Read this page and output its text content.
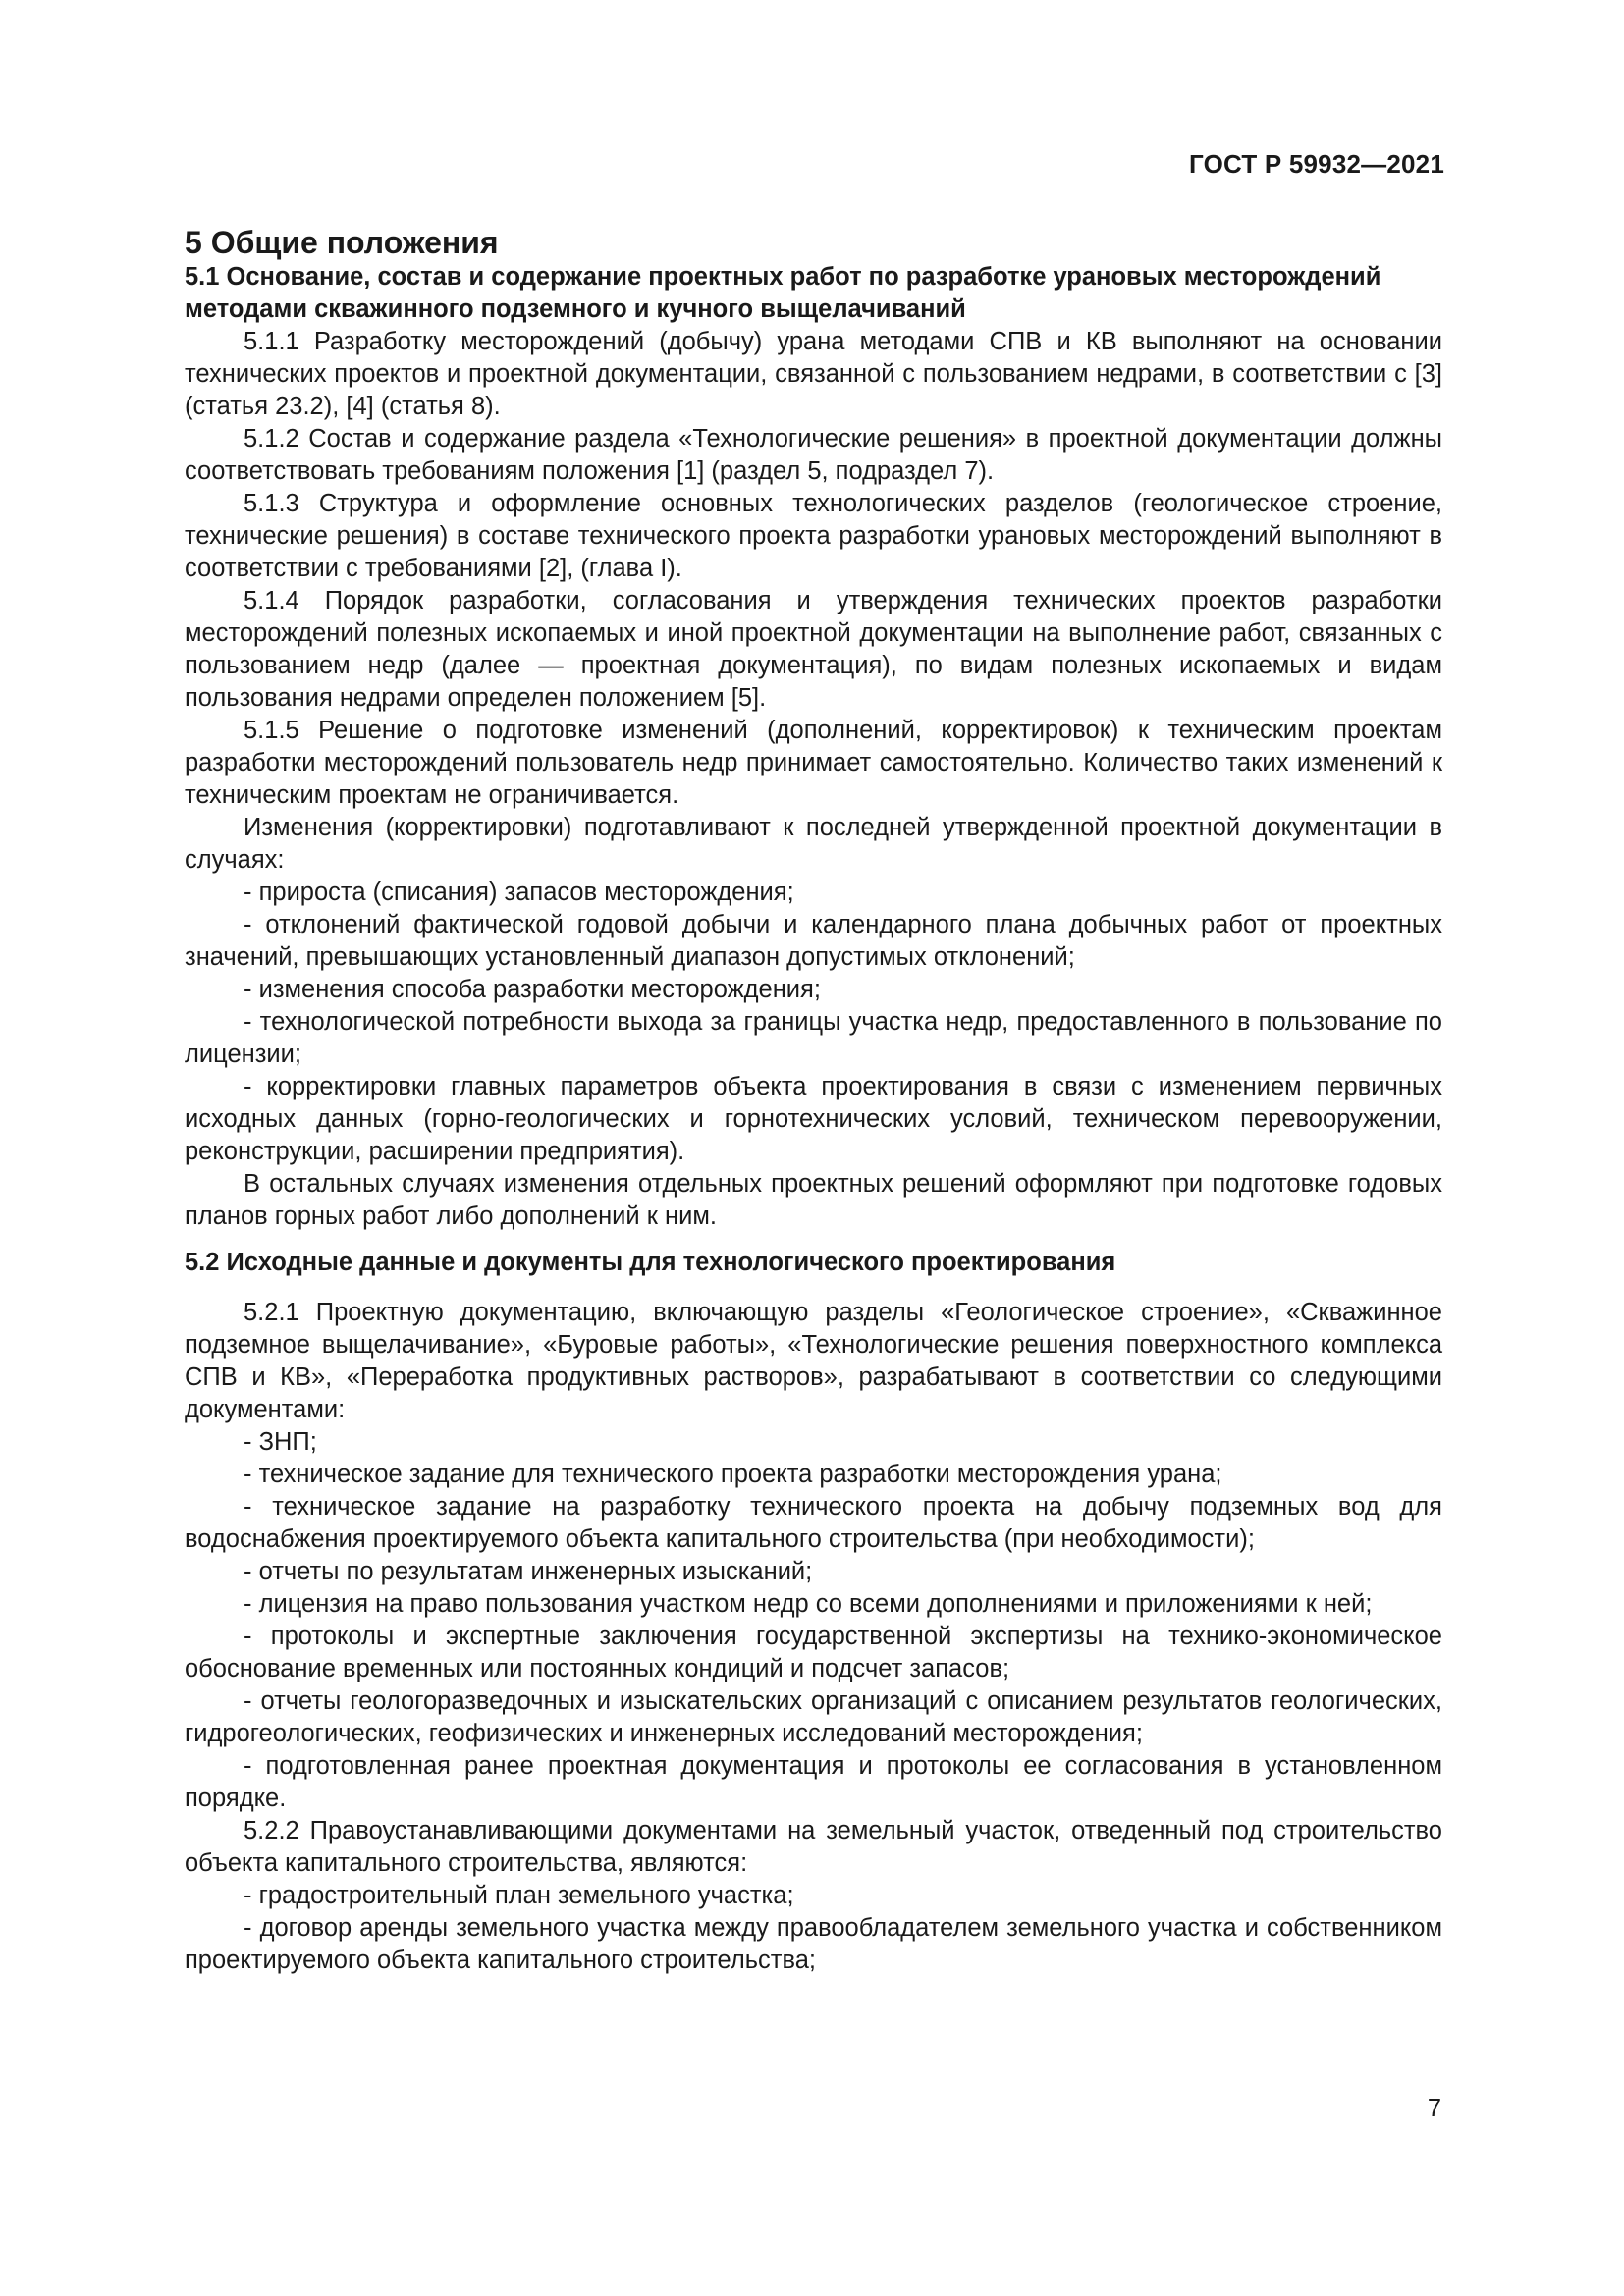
ГОСТ Р 59932—2021

5 Общие положения

5.1 Основание, состав и содержание проектных работ по разработке урановых месторождений методами скважинного подземного и кучного выщелачиваний

5.1.1 Разработку месторождений (добычу) урана методами СПВ и КВ выполняют на основании технических проектов и проектной документации, связанной с пользованием недрами, в соответствии с [3] (статья 23.2), [4] (статья 8).

5.1.2 Состав и содержание раздела «Технологические решения» в проектной документации должны соответствовать требованиям положения [1] (раздел 5, подраздел 7).

5.1.3 Структура и оформление основных технологических разделов (геологическое строение, технические решения) в составе технического проекта разработки урановых месторождений выполняют в соответствии с требованиями [2], (глава I).

5.1.4 Порядок разработки, согласования и утверждения технических проектов разработки месторождений полезных ископаемых и иной проектной документации на выполнение работ, связанных с пользованием недр (далее — проектная документация), по видам полезных ископаемых и видам пользования недрами определен положением [5].

5.1.5 Решение о подготовке изменений (дополнений, корректировок) к техническим проектам разработки месторождений пользователь недр принимает самостоятельно. Количество таких изменений к техническим проектам не ограничивается.

Изменения (корректировки) подготавливают к последней утвержденной проектной документации в случаях:

- прироста (списания) запасов месторождения;

- отклонений фактической годовой добычи и календарного плана добычных работ от проектных значений, превышающих установленный диапазон допустимых отклонений;

- изменения способа разработки месторождения;

- технологической потребности выхода за границы участка недр, предоставленного в пользование по лицензии;

- корректировки главных параметров объекта проектирования в связи с изменением первичных исходных данных (горно-геологических и горнотехнических условий, техническом перевооружении, реконструкции, расширении предприятия).

В остальных случаях изменения отдельных проектных решений оформляют при подготовке годовых планов горных работ либо дополнений к ним.

5.2 Исходные данные и документы для технологического проектирования

5.2.1 Проектную документацию, включающую разделы «Геологическое строение», «Скважинное подземное выщелачивание», «Буровые работы», «Технологические решения поверхностного комплекса СПВ и КВ», «Переработка продуктивных растворов», разрабатывают в соответствии со следующими документами:

- ЗНП;

- техническое задание для технического проекта разработки месторождения урана;

- техническое задание на разработку технического проекта на добычу подземных вод для водоснабжения проектируемого объекта капитального строительства (при необходимости);

- отчеты по результатам инженерных изысканий;

- лицензия на право пользования участком недр со всеми дополнениями и приложениями к ней;

- протоколы и экспертные заключения государственной экспертизы на технико-экономическое обоснование временных или постоянных кондиций и подсчет запасов;

- отчеты геологоразведочных и изыскательских организаций с описанием результатов геологических, гидрогеологических, геофизических и инженерных исследований месторождения;

- подготовленная ранее проектная документация и протоколы ее согласования в установленном порядке.

5.2.2 Правоустанавливающими документами на земельный участок, отведенный под строительство объекта капитального строительства, являются:

- градостроительный план земельного участка;

- договор аренды земельного участка между правообладателем земельного участка и собственником проектируемого объекта капитального строительства;

7
